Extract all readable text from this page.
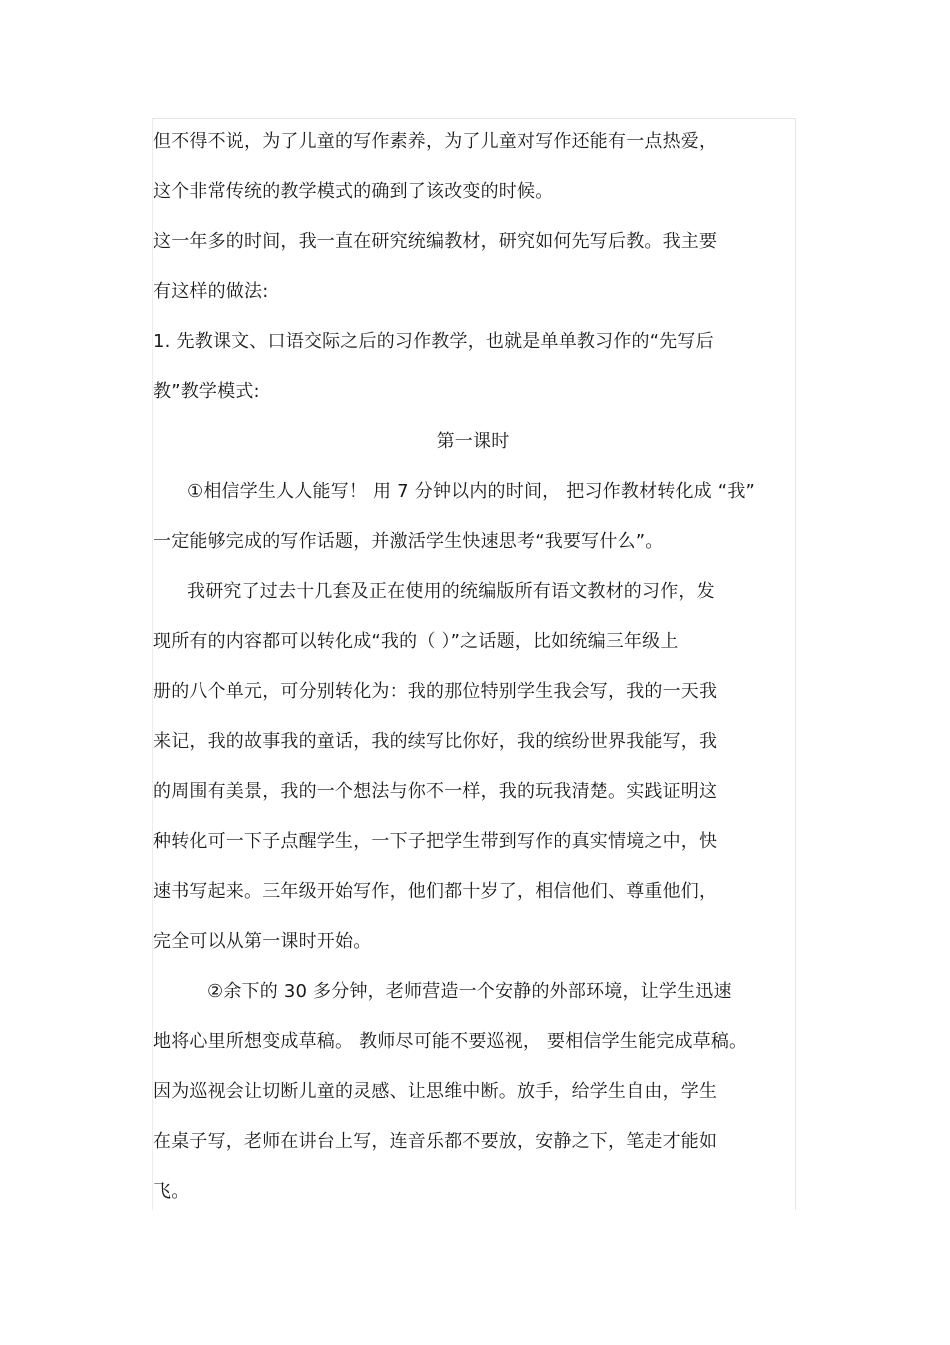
但不得不说，为了儿童的写作素养，为了儿童对写作还能有一点热爱，
这个非常传统的教学模式的确到了该改变的时候。
这一年多的时间，我一直在研究统编教材，研究如何先写后教。我主要
有这样的做法:
1. 先教课文、口语交际之后的习作教学，也就是单单教习作的“先写后
教”教学模式:
第一课时
①相信学生人人能写！ 用 7 分钟以内的时间， 把习作教材转化成 “我”
一定能够完成的写作话题，并激活学生快速思考“我要写什么”。
我研究了过去十几套及正在使用的统编版所有语文教材的习作，发
现所有的内容都可以转化成“我的（ ）”之话题，比如统编三年级上
册的八个单元，可分别转化为：我的那位特别学生我会写，我的一天我
来记，我的故事我的童话，我的续写比你好，我的缤纷世界我能写，我
的周围有美景，我的一个想法与你不一样，我的玩我清楚。实践证明这
种转化可一下子点醒学生，一下子把学生带到写作的真实情境之中，快
速书写起来。三年级开始写作，他们都十岁了，相信他们、尊重他们，
完全可以从第一课时开始。
②余下的 30 多分钟，老师营造一个安静的外部环境，让学生迅速
地将心里所想变成草稿。 教师尽可能不要巡视， 要相信学生能完成草稿。
因为巡视会让切断儿童的灵感、让思维中断。放手，给学生自由，学生
在桌子写，老师在讲台上写，连音乐都不要放，安静之下，笔走才能如
飞。
